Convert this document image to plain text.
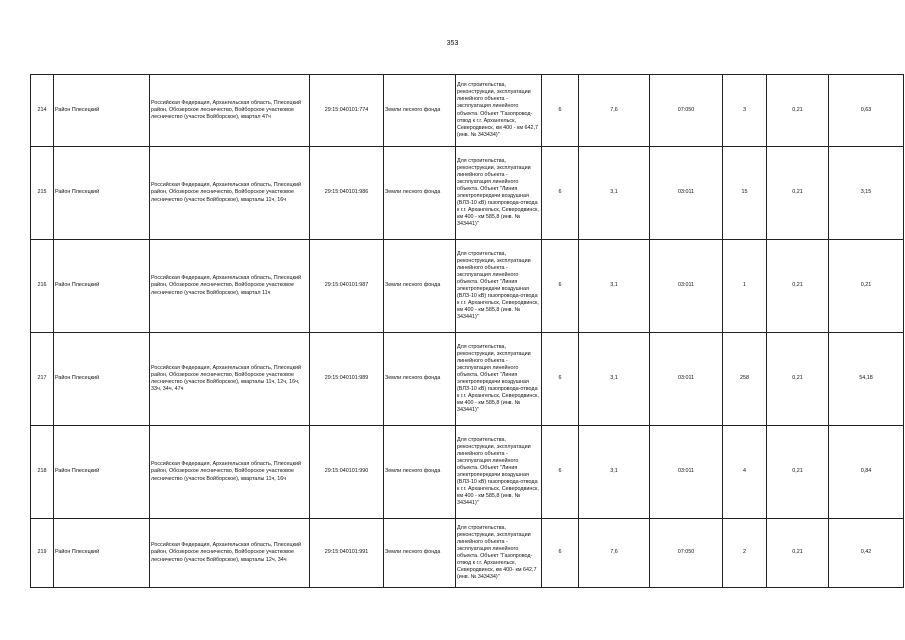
353
214	Район Плесецкий	Российская Федерация, Архангельская область, Плесецкий район, Обозерское лесничество, Войборское участковое лесничество (участок Войборское), квартал 47ч	29:15:040101:774	Земли лесного фонда	Для строительства, реконструкции, эксплуатации линейного объекта - эксплуатация линейного объекта. Объект "Газопровод-отвод к г.г. Архангельск, Северодвинск, км 400 - км 642,7 (инв. № 343434)"	6	7,6	07:050	3	0,21	0,63
215	Район Плесецкий	Российская Федерация, Архангельская область, Плесецкий район, Обозерское лесничество, Войборское участковое лесничество (участок Войборское), кварталы 11ч, 16ч	29:15:040101:986	Земли лесного фонда	Для строительства, реконструкции, эксплуатации линейного объекта - эксплуатация линейного объекта. Объект "Линия электропередачи воздушная (ВЛЗ-10 кВ) газопровода-отвода к г.г. Архангельск, Северодвинск, км 400 - км 585,8 (инв. № 343441)"	6	3,1	03:011	15	0,21	3,15
216	Район Плесецкий	Российская Федерация, Архангельская область, Плесецкий район, Обозерское лесничество, Войборское участковое лесничество (участок Войборское), квартал 11ч	29:15:040101:987	Земли лесного фонда	Для строительства, реконструкции, эксплуатации линейного объекта - эксплуатация линейного объекта. Объект "Линия электропередачи воздушная (ВЛЗ-10 кВ) газопровода-отвода к г.г. Архангельск, Северодвинск, км 400 - км 585,8 (инв. № 343441)"	6	3,1	03:011	1	0,21	0,21
217	Район Плесецкий	Российская Федерация, Архангельская область, Плесецкий район, Обозерское лесничество, Войборское участковое лесничество (участок Войборское), кварталы 11ч, 12ч, 16ч, 33ч, 34ч, 47ч	29:15:040101:989	Земли лесного фонда	Для строительства, реконструкции, эксплуатации линейного объекта - эксплуатация линейного объекта. Объект "Линия электропередачи воздушная (ВЛЗ-10 кВ) газопровода-отвода к г.г. Архангельск, Северодвинск, км 400 - км 585,8 (инв. № 343441)"	6	3,1	03:011	258	0,21	54,18
218	Район Плесецкий	Российская Федерация, Архангельская область, Плесецкий район, Обозерское лесничество, Войборское участковое лесничество (участок Войборское), кварталы 11ч, 16ч	29:15:040101:990	Земли лесного фонда	Для строительства, реконструкции, эксплуатации линейного объекта - эксплуатация линейного объекта. Объект "Линия электропередачи воздушная (ВЛЗ-10 кВ) газопровода-отвода к г.г. Архангельск, Северодвинск, км 400 - км 585,8 (инв. № 343441)"	6	3,1	03:011	4	0,21	0,84
219	Район Плесецкий	Российская Федерация, Архангельская область, Плесецкий район, Обозерское лесничество, Войборское участковое лесничество (участок Войборское), кварталы 12ч, 34ч	29:15:040101:991	Земли лесного фонда	Для строительства, реконструкции, эксплуатации линейного объекта - эксплуатация линейного объекта. Объект "Газопровод-отвод к г.г. Архангельск, Северодвинск, км 400- км 642,7 (инв. № 343434)"	6	7,6	07:050	2	0,21	0,42
